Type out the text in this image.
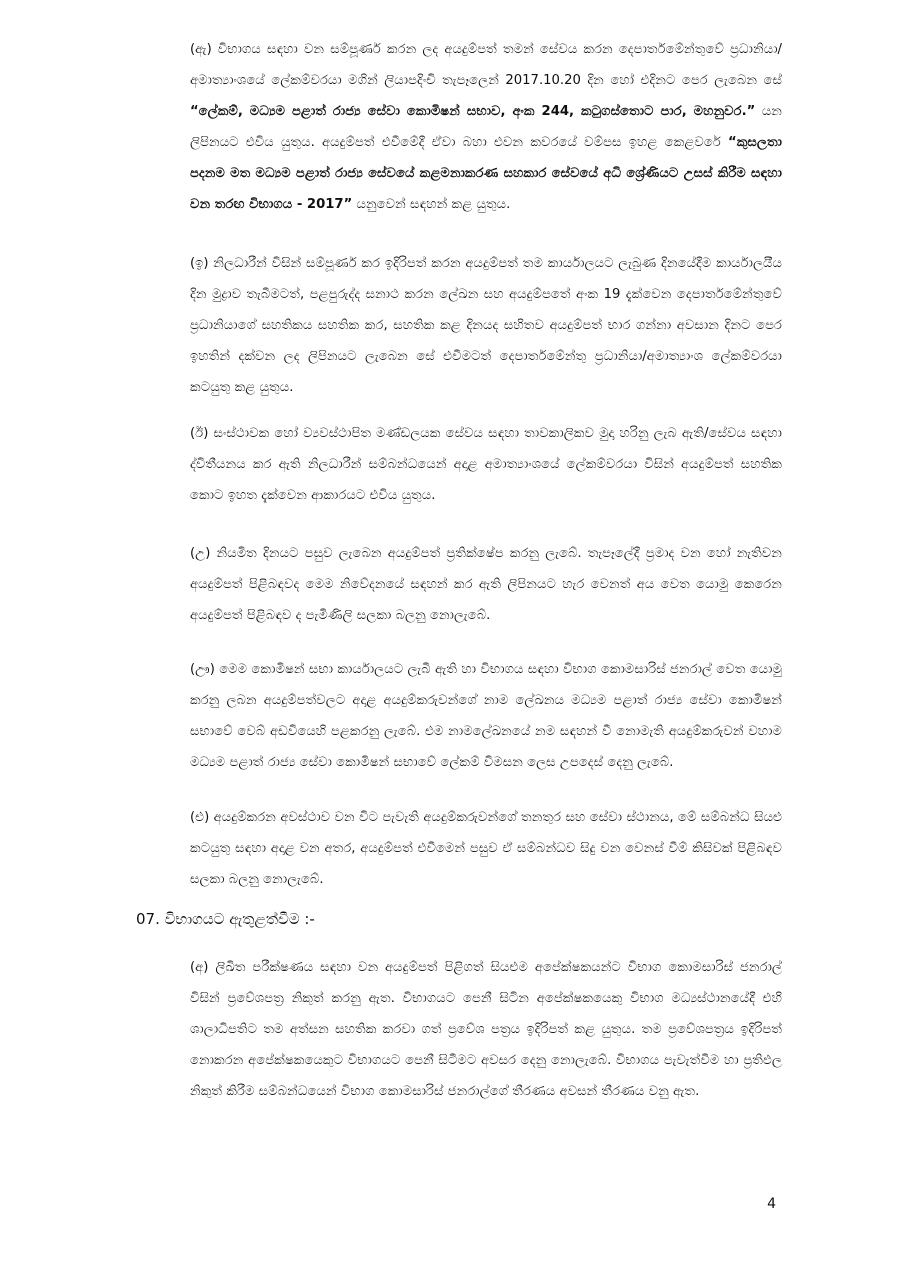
(ඇ) විභාගය සඳහා වන සම්පූර්ණ කරන ලද අයදුම්පත් තමන් සේවය කරන දෙපාර්තමේන්තුවේ ප්‍රධානියා/අමාත්‍යාංශයේ ලේකම්වරයා මගින් ලියාපදිංචි තැපෑලෙන් 2017.10.20 දින හෝ එදිනට පෙර ලැබෙන සේ “ලේකම්, මධ්‍යම පළාත් රාජ්‍ය සේවා කොමිෂන් සභාව, අංක 244, කටුගස්තොට පාර, මහනුවර.” යන ලිපිනයට එවිය යුතුය. අයදුම්පත් එවීමේදී ඒවා බහා එවන කවරයේ වම්පස ඉහළ කෙළවරේ “කුසලතා පදනම මත මධ්‍යම පළාත් රාජ්‍ය සේවයේ කළමනාකරණ සහකාර සේවයේ අධි ශ්‍රේණියට උසස් කිරීම සඳහා වන තරඟ විභාගය - 2017” යනුවෙන් සඳහන් කළ යුතුය.

(ඉ) නිලධාරීන් විසින් සම්පූර්ණ කර ඉදිරිපත් කරන අයදුම්පත් තම කාර්යාලයට ලැබුණ දිනයේදීම කාර්යාලයීය දින මුද්‍රාව තැබීමටත්, පළපුරුද්ද සනාථ කරන ලේඛන සහ අයදුම්පතේ අංක 19 දැක්වෙන දෙපාර්තමේන්තුවේ ප්‍රධානියාගේ සහතිකය සහතික කර, සහතික කළ දිනයද සහිතව අයදුම්පත් භාර ගන්නා අවසාන දිනට පෙර ඉහතින් දක්වන ලද ලිපිනයට ලැබෙන සේ එවීමටත් දෙපාර්තමේන්තු ප්‍රධානියා/අමාත්‍යාංශ ලේකම්වරයා කටයුතු කළ යුතුය.

(ඊ) සංස්ථාවක හෝ ව්‍යවස්ථාපිත මණ්ඩලයක සේවය සඳහා තාවකාලිකව මුදා හරිනු ලැබ ඇති/සේවය සඳහා ද්විතීයනය කර ඇති නිලධාරීන් සම්බන්ධයෙන් අදාළ අමාත්‍යාංශයේ ලේකම්වරයා විසින් අයදුම්පත් සහතික කොට ඉහත දැක්වෙන ආකාරයට එවිය යුතුය.

(උ) නියමිත දිනයට පසුව ලැබෙන අයදුම්පත් ප්‍රතික්ෂේප කරනු ලැබේ. තැපෑලේදී ප්‍රමාද වන හෝ නැතිවන අයදුම්පත් පිළිබඳවද මෙම නිවේදනයේ සඳහන් කර ඇති ලිපිනයට හැර වෙනත් අය වෙත යොමු කෙරෙන අයදුම්පත් පිළිබඳව ද පැමිණිලි සලකා බලනු නොලැබේ.

(ඌ) මෙම කොමිෂන් සභා කාර්යාලයට ලැබී ඇති හා විභාගය සඳහා විභාග කොමසාරිස් ජනරාල් වෙත යොමු කරනු ලබන අයදුම්පත්වලට අදාළ අයදුම්කරුවන්ගේ නාම ලේඛනය මධ්‍යම පළාත් රාජ්‍ය සේවා කොමිෂන් සභාවේ වෙබ් අඩවියෙහි පළකරනු ලැබේ. එම නාමලේඛනයේ නම සඳහන් වී නොමැති අයදුම්කරුවන් වහාම මධ්‍යම පළාත් රාජ්‍ය සේවා කොමිෂන් සභාවේ ලේකම් විමසන ලෙස උපදෙස් දෙනු ලැබේ.

(එ) අයදුම්කරන අවස්ථාව වන විට පැවැති අයදුම්කරුවන්ගේ තනතුර සහ සේවා ස්ථානය, මේ සම්බන්ධ සියළු කටයුතු සඳහා අදාළ වන අතර, අයදුම්පත් එවීමෙන් පසුව ඒ සම්බන්ධව සිදු වන වෙනස් වීම් කිසිවක් පිළිබඳව සලකා බලනු නොලැබේ.

07. විභාගයට ඇතුළත්වීම :-

(අ) ලිඛිත පරීක්ෂණය සඳහා වන අයදුම්පත් පිළිගත් සියළුම අපේක්ෂකයන්ට විභාග කොමසාරිස් ජනරාල් විසින් ප්‍රවේශපත්‍ර නිකුත් කරනු ඇත. විභාගයට පෙනී සිටින අපේක්ෂකයෙකු විභාග මධ්‍යස්ථානයේදී එහි ශාලාධිපතිට තම අත්සන සහතික කරවා ගත් ප්‍රවේශ පත්‍රය ඉදිරිපත් කළ යුතුය. තම ප්‍රවේශපත්‍රය ඉදිරිපත් නොකරන අපේක්ෂකයෙකුට විභාගයට පෙනී සිටීමට අවසර දෙනු නොලැබේ. විභාගය පැවැත්වීම හා ප්‍රතිඵල නිකුත් කිරීම සම්බන්ධයෙන් විභාග කොමසාරිස් ජනරාල්ගේ තීරණය අවසන් තීරණය වනු ඇත.

4
